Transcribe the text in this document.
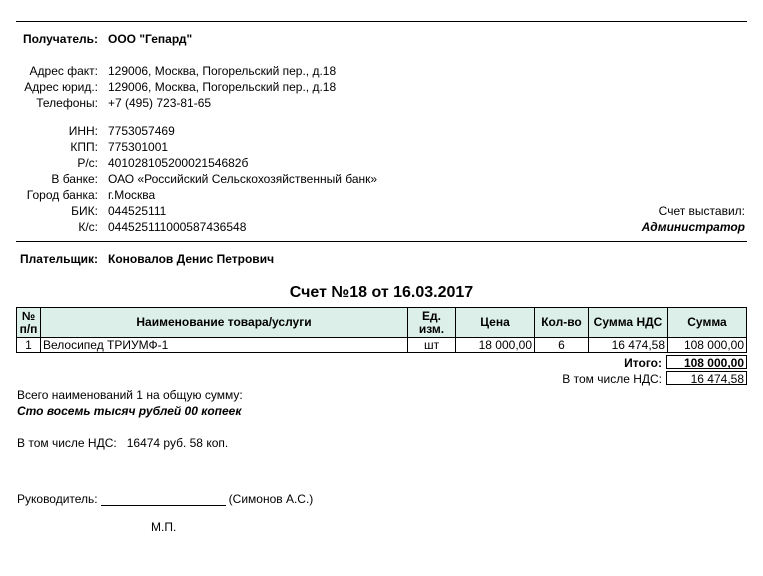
Получатель: ООО "Гепард"
Адрес факт: 129006, Москва, Погорельский пер., д.18
Адрес юрид.: 129006, Москва, Погорельский пер., д.18
Телефоны: +7 (495) 723-81-65
ИНН: 7753057469
КПП: 775301001
Р/с: 40102810520002154682б
В банке: ОАО «Российский Сельскохозяйственный банк»
Город банка: г.Москва
БИК: 044525111
К/с: 044525111000587436548
Счет выставил:
Администратор
Плательщик: Коновалов Денис Петрович
Счет №18 от 16.03.2017
№ п/п	Наименование товара/услуги	Ед. изм.	Цена	Кол-во	Сумма НДС	Сумма
1	Велосипед ТРИУМФ-1	шт	18 000,00	6	16 474,58	108 000,00
Итого:	108 000,00
В том числе НДС:	16 474,58
Всего наименований 1 на общую сумму:
Сто восемь тысяч рублей 00 копеек
В том числе НДС:   16474 руб. 58 коп.
Руководитель:	(Симонов А.С.)
М.П.
